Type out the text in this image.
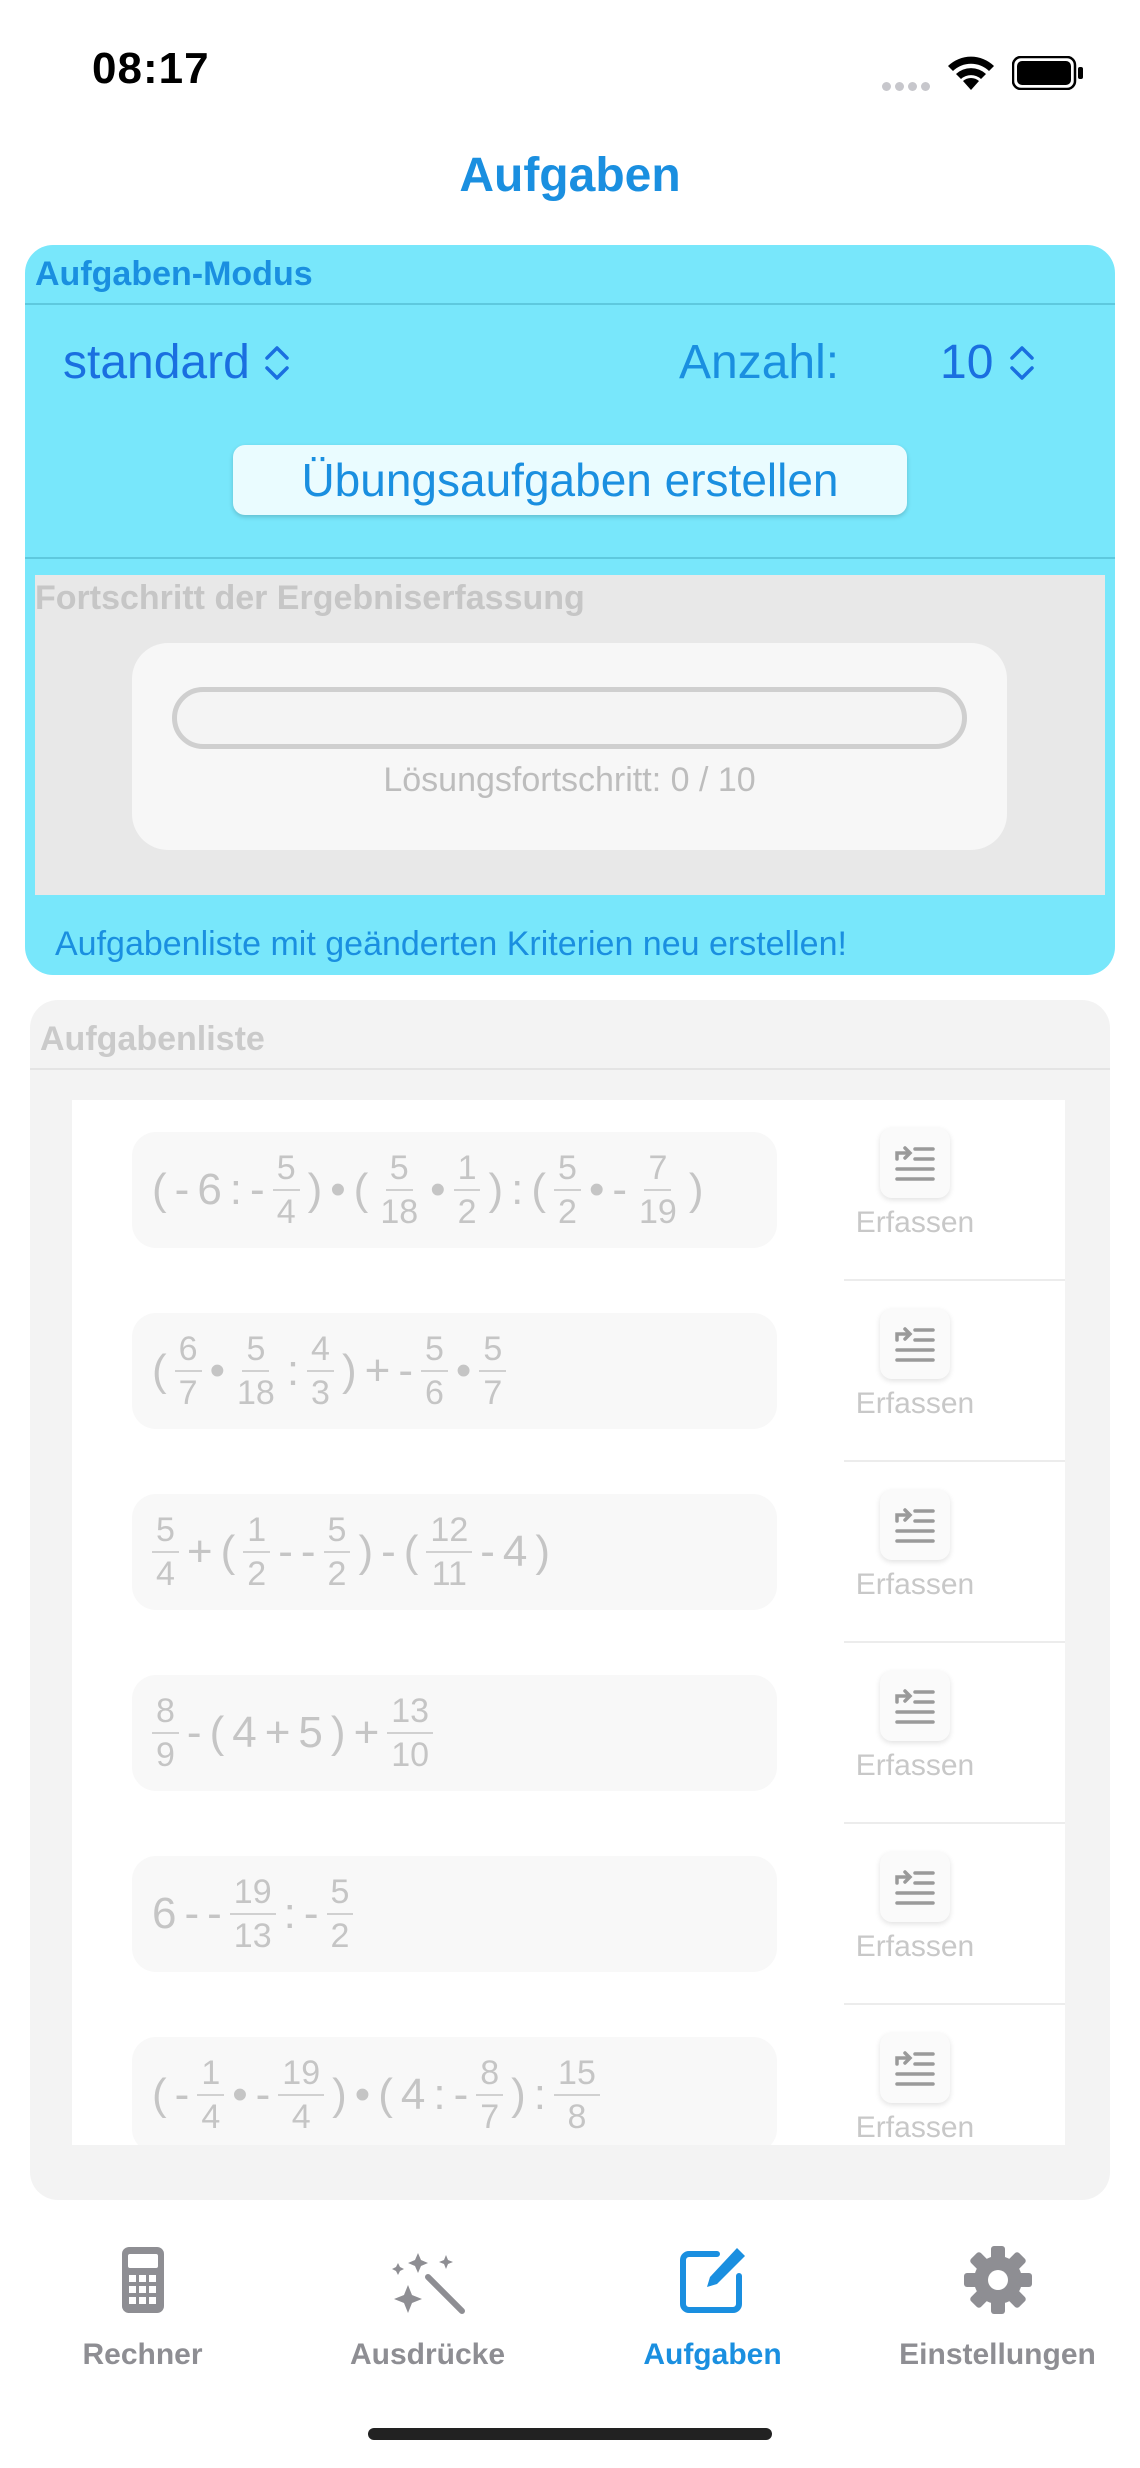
08:17
Aufgaben
Aufgaben-Modus
standard	Anzahl: 10
Übungsaufgaben erstellen
Fortschritt der Ergebniserfassung
Lösungsfortschritt: 0 / 10
Aufgabenliste mit geänderten Kriterien neu erstellen!
Aufgabenliste
( - 6 : - $\frac{5}{4}$ ) • ( $\frac{5}{18}$ • $\frac{1}{2}$ ) : ( $\frac{5}{2}$ • - $\frac{7}{19}$ )
Erfassen
( $\frac{6}{7}$ • $\frac{5}{18}$ : $\frac{4}{3}$ ) + - $\frac{5}{6}$ • $\frac{5}{7}$	Erfassen
$\frac{5}{4}$ + ( $\frac{1}{2}$ - - $\frac{5}{2}$ ) - ( $\frac{12}{11} - 4$ )
Erfassen
$\frac{8}{9}$ - ( 4 + 5 ) + $\frac{13}{10}$	Erfassen
6 - - $\frac{19}{13}$ : - $\frac{5}{2}$	Erfassen
( - $\frac{1}{4}$ • - $\frac{19}{4}$ ) • ( 4 : - $\frac{8}{7}$ ) : $\frac{15}{8}$	Erfassen
Rechner	Ausdrücke	Aufgaben	Einstellungen
